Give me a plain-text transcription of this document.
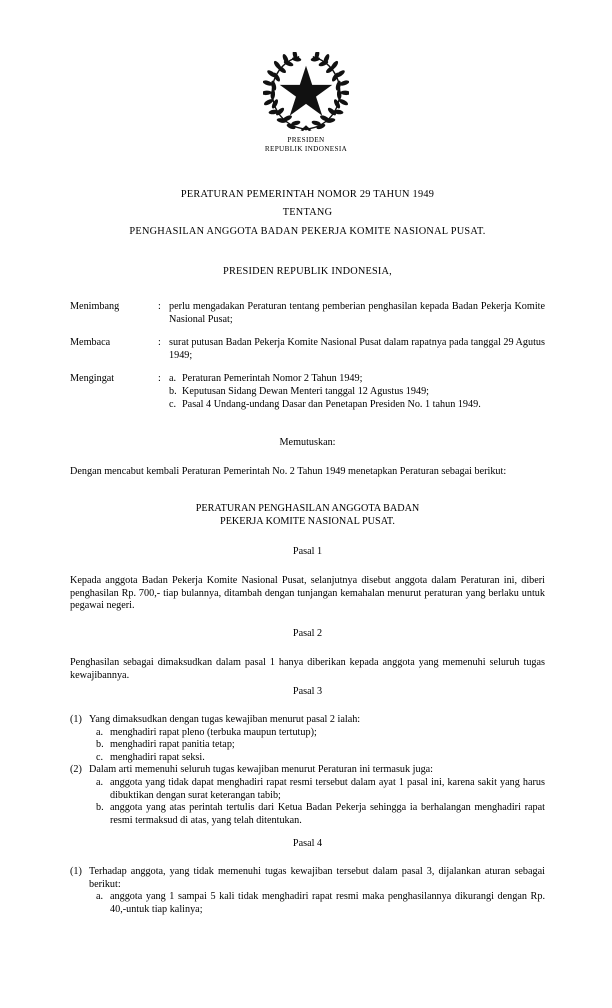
PRESIDEN
REPUBLIK INDONESIA

PERATURAN PEMERINTAH NOMOR 29 TAHUN 1949

TENTANG

PENGHASILAN ANGGOTA BADAN PEKERJA KOMITE NASIONAL PUSAT.

PRESIDEN REPUBLIK INDONESIA,

Menimbang	: perlu mengadakan Peraturan tentang pemberian penghasilan kepada Badan Pekerja Komite Nasional Pusat;

Membaca	: surat putusan Badan Pekerja Komite Nasional Pusat dalam rapatnya pada tanggal 29 Agutus 1949;

Mengingat	: a. Peraturan Pemerintah Nomor 2 Tahun 1949;
b. Keputusan Sidang Dewan Menteri tanggal 12 Agustus 1949;
c. Pasal 4 Undang-undang Dasar dan Penetapan Presiden No. 1 tahun 1949.

Memutuskan:

Dengan mencabut kembali Peraturan Pemerintah No. 2 Tahun 1949 menetapkan Peraturan sebagai berikut:

PERATURAN PENGHASILAN ANGGOTA BADAN

PEKERJA KOMITE NASIONAL PUSAT.

Pasal 1

Kepada anggota Badan Pekerja Komite Nasional Pusat, selanjutnya disebut anggota dalam Peraturan ini, diberi penghasilan Rp. 700,- tiap bulannya, ditambah dengan tunjangan kemahalan menurut peraturan yang berlaku untuk pegawai negeri.

Pasal 2

Penghasilan sebagai dimaksudkan dalam pasal 1 hanya diberikan kepada anggota yang memenuhi seluruh tugas kewajibannya.

Pasal 3

(1) Yang dimaksudkan dengan tugas kewajiban menurut pasal 2 ialah:

a. menghadiri rapat pleno (terbuka maupun tertutup);
b. menghadiri rapat panitia tetap;
c. menghadiri rapat seksi.
(2) Dalam arti memenuhi seluruh tugas kewajiban menurut Peraturan ini termasuk juga:

a. anggota yang tidak dapat menghadiri rapat resmi tersebut dalam ayat 1 pasal ini, karena sakit yang harus dibuktikan dengan surat keterangan tabib;
b. anggota yang atas perintah tertulis dari Ketua Badan Pekerja sehingga ia berhalangan menghadiri rapat resmi termaksud di atas, yang telah ditentukan.

Pasal 4

(1) Terhadap anggota, yang tidak memenuhi tugas kewajiban tersebut dalam pasal 3, dijalankan aturan sebagai berikut:

a. anggota yang 1 sampai 5 kali tidak menghadiri rapat resmi maka penghasilannya dikurangi dengan Rp. 40,-untuk tiap kalinya;
